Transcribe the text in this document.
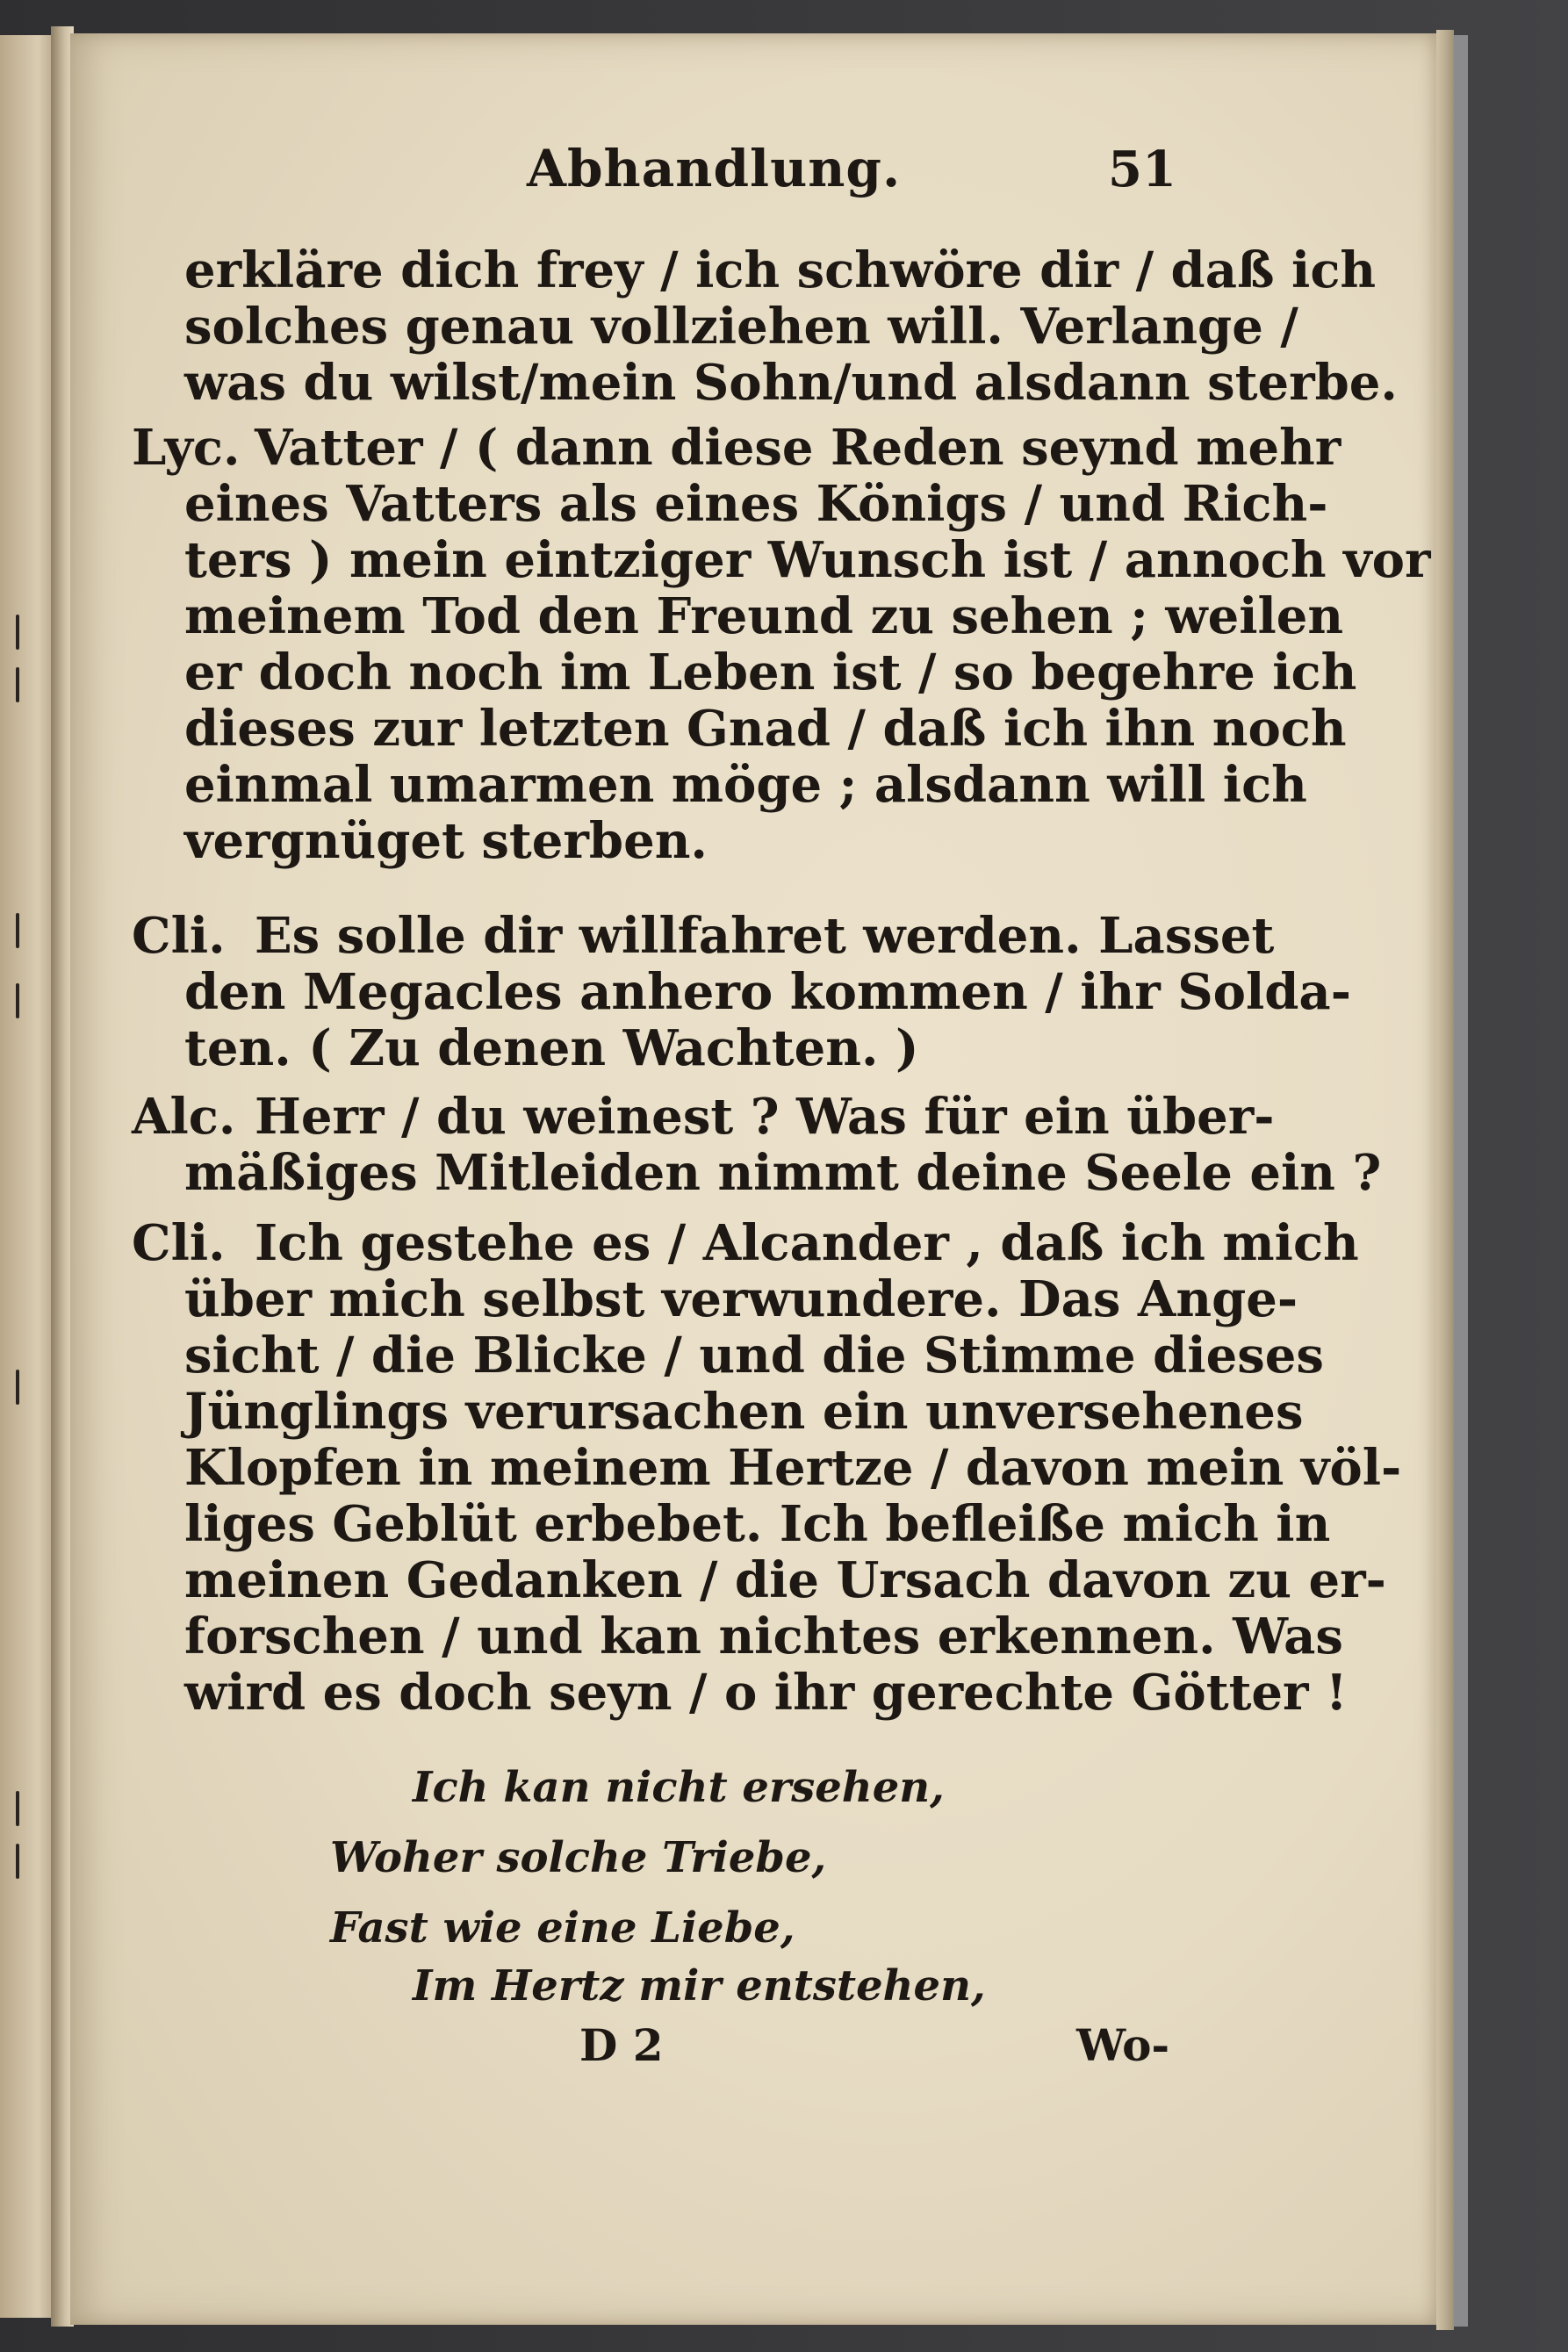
Abhandlung.	51
erkläre dich frey / ich schwöre dir / daß ich
solches genau vollziehen will. Verlange /
was du wilst/mein Sohn/und alsdann sterbe.
Lyc. Vatter / ( dann diese Reden seynd mehr
eines Vatters als eines Königs / und Rich-
ters ) mein eintziger Wunsch ist / annoch vor
meinem Tod den Freund zu sehen ; weilen
er doch noch im Leben ist / so begehre ich
dieses zur letzten Gnad / daß ich ihn noch
einmal umarmen möge ; alsdann will ich
vergnüget sterben.
Cli. Es solle dir willfahret werden. Lasset
den Megacles anhero kommen / ihr Solda-
ten. ( Zu denen Wachten. )
Alc. Herr / du weinest ? Was für ein über-
mäßiges Mitleiden nimmt deine Seele ein ?
Cli. Ich gestehe es / Alcander , daß ich mich
über mich selbst verwundere. Das Ange-
sicht / die Blicke / und die Stimme dieses
Jünglings verursachen ein unversehenes
Klopfen in meinem Hertze / davon mein völ-
liges Geblüt erbebet. Ich befleiße mich in
meinen Gedanken / die Ursach davon zu er-
forschen / und kan nichtes erkennen. Was
wird es doch seyn / o ihr gerechte Götter !
Ich kan nicht ersehen,
Woher solche Triebe,
Fast wie eine Liebe,
Im Hertz mir entstehen,
D 2	Wo-
